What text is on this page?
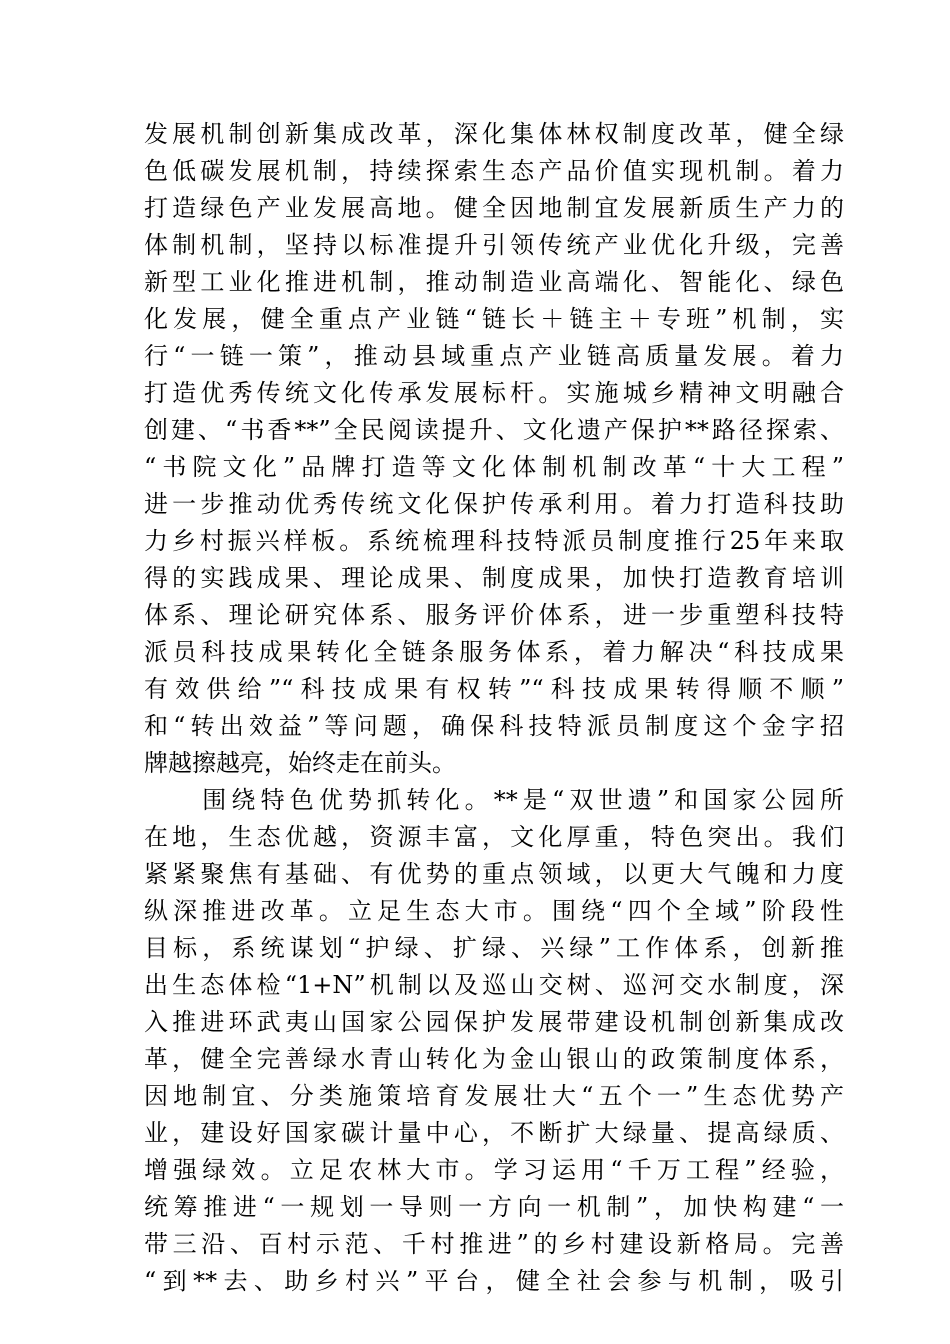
发展机制创新集成改革，深化集体林权制度改革，健全绿
色低碳发展机制，持续探索生态产品价值实现机制。着力
打造绿色产业发展高地。健全因地制宜发展新质生产力的
体制机制，坚持以标准提升引领传统产业优化升级，完善
新型工业化推进机制，推动制造业高端化、智能化、绿色
化发展，健全重点产业链“链长＋链主＋专班”机制，实
行“一链一策”，推动县域重点产业链高质量发展。着力
打造优秀传统文化传承发展标杆。实施城乡精神文明融合
创建、“书香**”全民阅读提升、文化遗产保护**路径探索、
“书院文化”品牌打造等文化体制机制改革“十大工程”
进一步推动优秀传统文化保护传承利用。着力打造科技助
力乡村振兴样板。系统梳理科技特派员制度推行25年来取
得的实践成果、理论成果、制度成果，加快打造教育培训
体系、理论研究体系、服务评价体系，进一步重塑科技特
派员科技成果转化全链条服务体系，着力解决“科技成果
有效供给”“科技成果有权转”“科技成果转得顺不顺”
和“转出效益”等问题，确保科技特派员制度这个金字招
牌越擦越亮，始终走在前头。
　　围绕特色优势抓转化。**是“双世遗”和国家公园所
在地，生态优越，资源丰富，文化厚重，特色突出。我们
紧紧聚焦有基础、有优势的重点领域，以更大气魄和力度
纵深推进改革。立足生态大市。围绕“四个全域”阶段性
目标，系统谋划“护绿、扩绿、兴绿”工作体系，创新推
出生态体检“1+N”机制以及巡山交树、巡河交水制度，深
入推进环武夷山国家公园保护发展带建设机制创新集成改
革，健全完善绿水青山转化为金山银山的政策制度体系，
因地制宜、分类施策培育发展壮大“五个一”生态优势产
业，建设好国家碳计量中心，不断扩大绿量、提高绿质、
增强绿效。立足农林大市。学习运用“千万工程”经验，
统筹推进“一规划一导则一方向一机制”，加快构建“一
带三沿、百村示范、千村推进”的乡村建设新格局。完善
“到**去、助乡村兴”平台，健全社会参与机制，吸引
